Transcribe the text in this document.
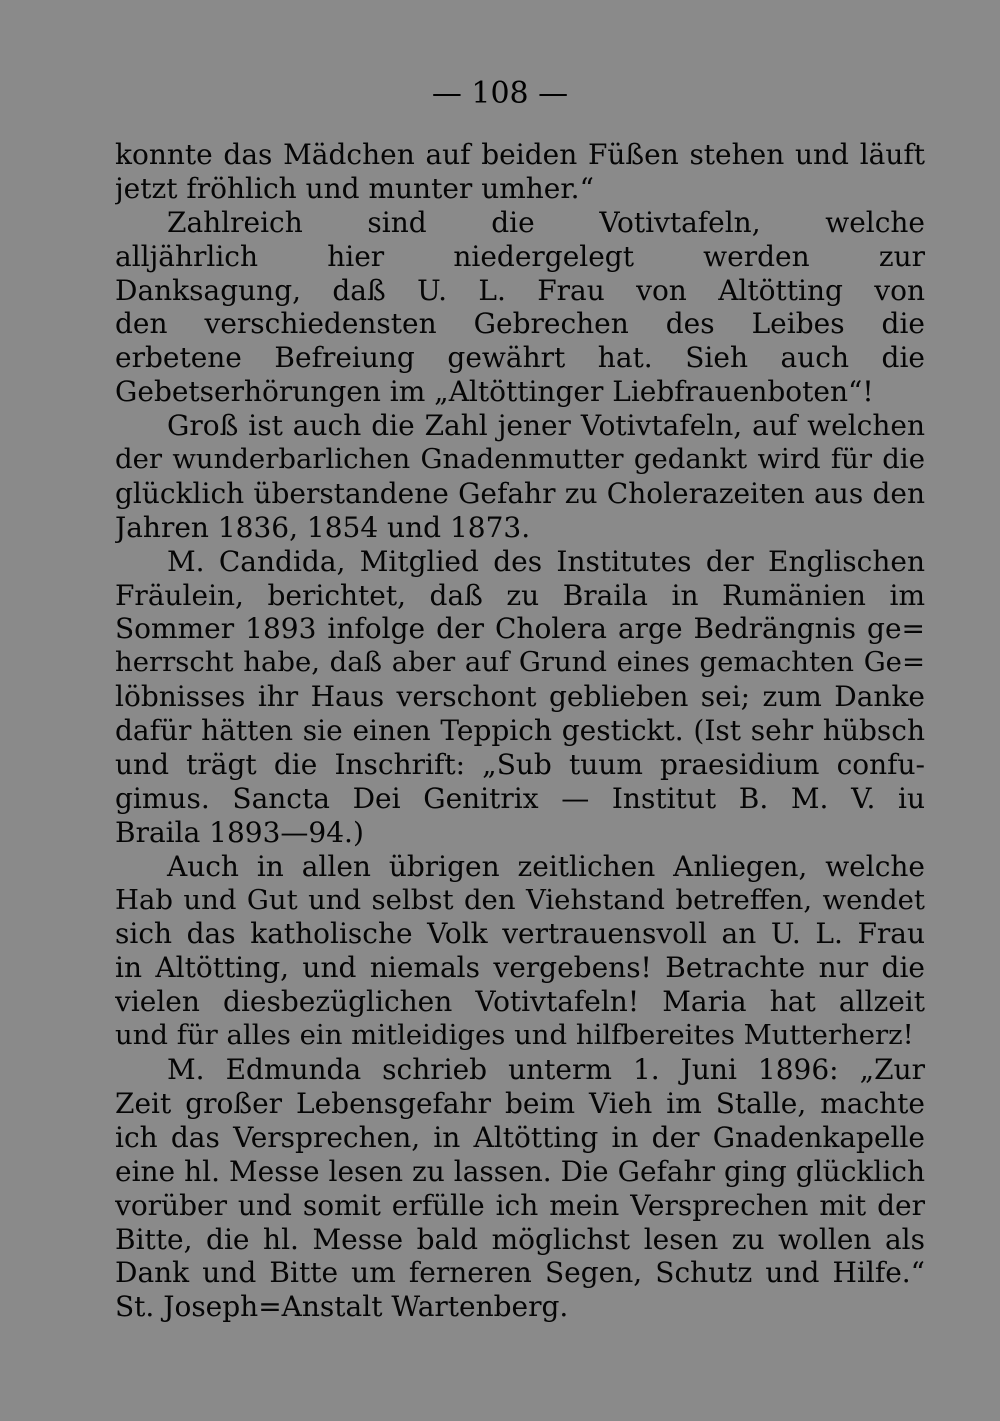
— 108 —
konnte das Mädchen auf beiden Füßen stehen und läuft
jetzt fröhlich und munter umher.“
Zahlreich sind die Votivtafeln, welche
alljährlich hier niedergelegt werden zur
Danksagung, daß U. L. Frau von Altötting von
den verschiedensten Gebrechen des Leibes die
erbetene Befreiung gewährt hat. Sieh auch die
Gebetserhörungen im „Altöttinger Liebfrauenboten“!
Groß ist auch die Zahl jener Votivtafeln, auf welchen
der wunderbarlichen Gnadenmutter gedankt wird für die
glücklich überstandene Gefahr zu Cholerazeiten aus den
Jahren 1836, 1854 und 1873.
M. Candida, Mitglied des Institutes der Englischen
Fräulein, berichtet, daß zu Braila in Rumänien im
Sommer 1893 infolge der Cholera arge Bedrängnis ge=
herrscht habe, daß aber auf Grund eines gemachten Ge=
löbnisses ihr Haus verschont geblieben sei; zum Danke
dafür hätten sie einen Teppich gestickt. (Ist sehr hübsch
und trägt die Inschrift: „Sub tuum praesidium confu-
gimus. Sancta Dei Genitrix — Institut B. M. V. iu
Braila 1893—94.)
Auch in allen übrigen zeitlichen Anliegen, welche
Hab und Gut und selbst den Viehstand betreffen, wendet
sich das katholische Volk vertrauensvoll an U. L. Frau
in Altötting, und niemals vergebens! Betrachte nur die
vielen diesbezüglichen Votivtafeln! Maria hat allzeit
und für alles ein mitleidiges und hilfbereites Mutterherz!
M. Edmunda schrieb unterm 1. Juni 1896: „Zur
Zeit großer Lebensgefahr beim Vieh im Stalle, machte
ich das Versprechen, in Altötting in der Gnadenkapelle
eine hl. Messe lesen zu lassen. Die Gefahr ging glücklich
vorüber und somit erfülle ich mein Versprechen mit der
Bitte, die hl. Messe bald möglichst lesen zu wollen als
Dank und Bitte um ferneren Segen, Schutz und Hilfe.“
St. Joseph=Anstalt Wartenberg.
